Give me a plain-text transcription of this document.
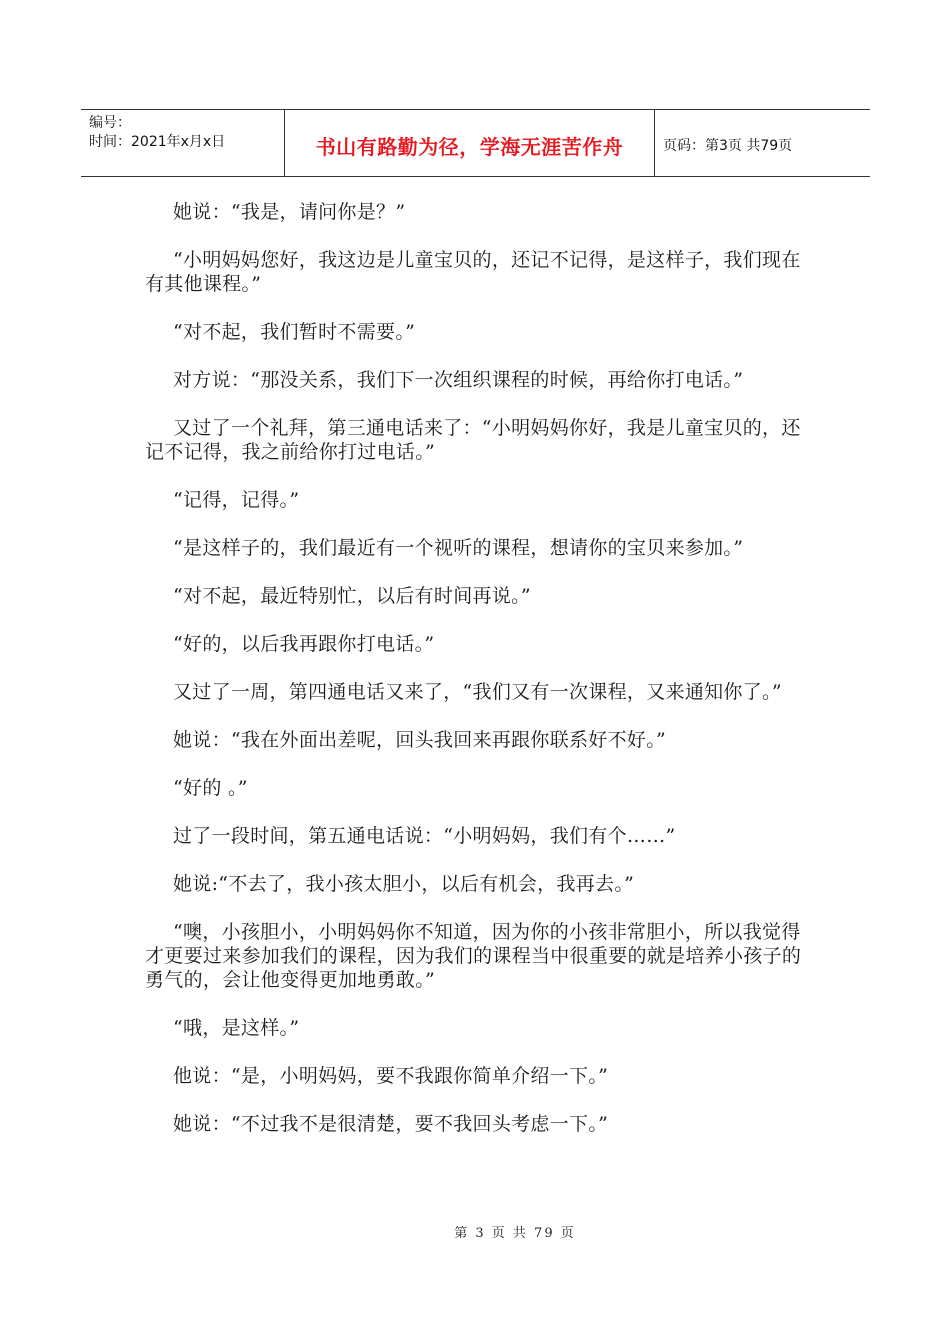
编号：
时间：2021年x月x日	书山有路勤为径，学海无涯苦作舟	页码：第3页 共79页

她说：“我是，请问你是？”

“小明妈妈您好，我这边是儿童宝贝的，还记不记得，是这样子，我们现在有其他课程。”

“对不起，我们暂时不需要。”

对方说：“那没关系，我们下一次组织课程的时候，再给你打电话。”

又过了一个礼拜，第三通电话来了：“小明妈妈你好，我是儿童宝贝的，还记不记得，我之前给你打过电话。”

“记得，记得。”

“是这样子的，我们最近有一个视听的课程，想请你的宝贝来参加。”

“对不起，最近特别忙，以后有时间再说。”

“好的，以后我再跟你打电话。”

又过了一周，第四通电话又来了，“我们又有一次课程，又来通知你了。”

她说：“我在外面出差呢，回头我回来再跟你联系好不好。”

“好的 。”

过了一段时间，第五通电话说：“小明妈妈，我们有个……”

她说:“不去了，我小孩太胆小，以后有机会，我再去。”

“噢，小孩胆小，小明妈妈你不知道，因为你的小孩非常胆小，所以我觉得才更要过来参加我们的课程，因为我们的课程当中很重要的就是培养小孩子的勇气的，会让他变得更加地勇敢。”

“哦，是这样。”

他说：“是，小明妈妈，要不我跟你简单介绍一下。”

她说：“不过我不是很清楚，要不我回头考虑一下。”

第 3 页 共 79 页
